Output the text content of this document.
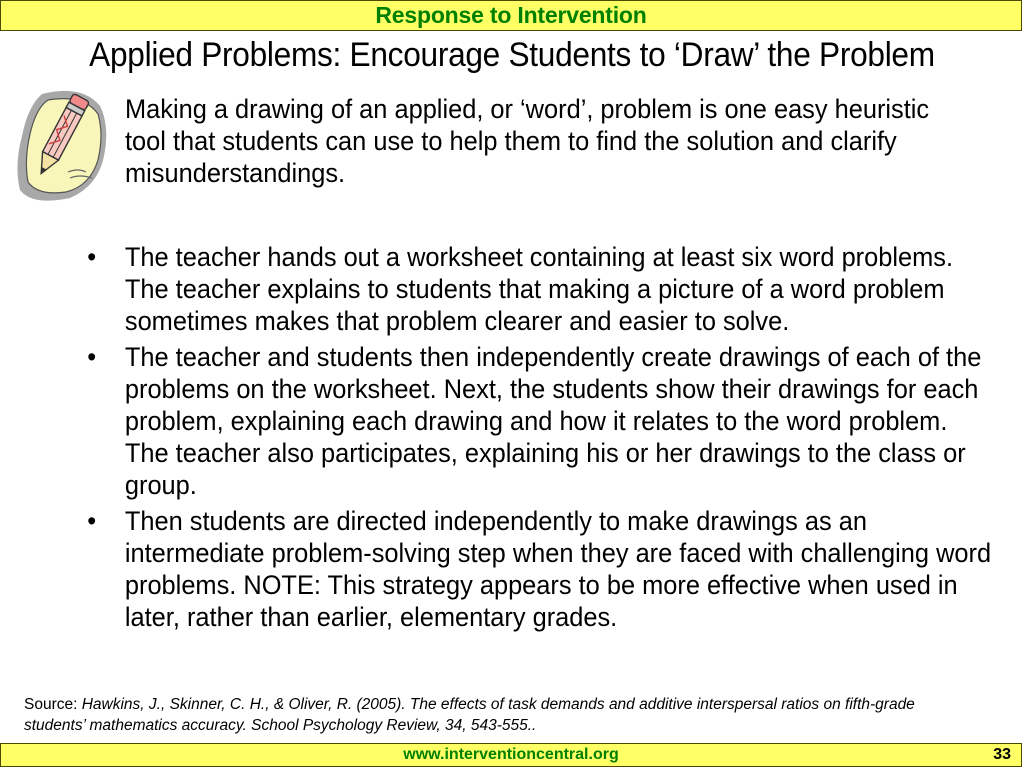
Response to Intervention
Applied Problems: Encourage Students to ‘Draw’ the Problem
Making a drawing of an applied, or ‘word’, problem is one easy heuristic tool that students can use to help them to find the solution and clarify misunderstandings.
• The teacher hands out a worksheet containing at least six word problems. The teacher explains to students that making a picture of a word problem sometimes makes that problem clearer and easier to solve.
• The teacher and students then independently create drawings of each of the problems on the worksheet. Next, the students show their drawings for each problem, explaining each drawing and how it relates to the word problem. The teacher also participates, explaining his or her drawings to the class or group.
• Then students are directed independently to make drawings as an intermediate problem-solving step when they are faced with challenging word problems. NOTE: This strategy appears to be more effective when used in later, rather than earlier, elementary grades.
Source: Hawkins, J., Skinner, C. H., & Oliver, R. (2005). The effects of task demands and additive interspersal ratios on fifth-grade students’ mathematics accuracy. School Psychology Review, 34, 543-555..
www.interventioncentral.org	33
